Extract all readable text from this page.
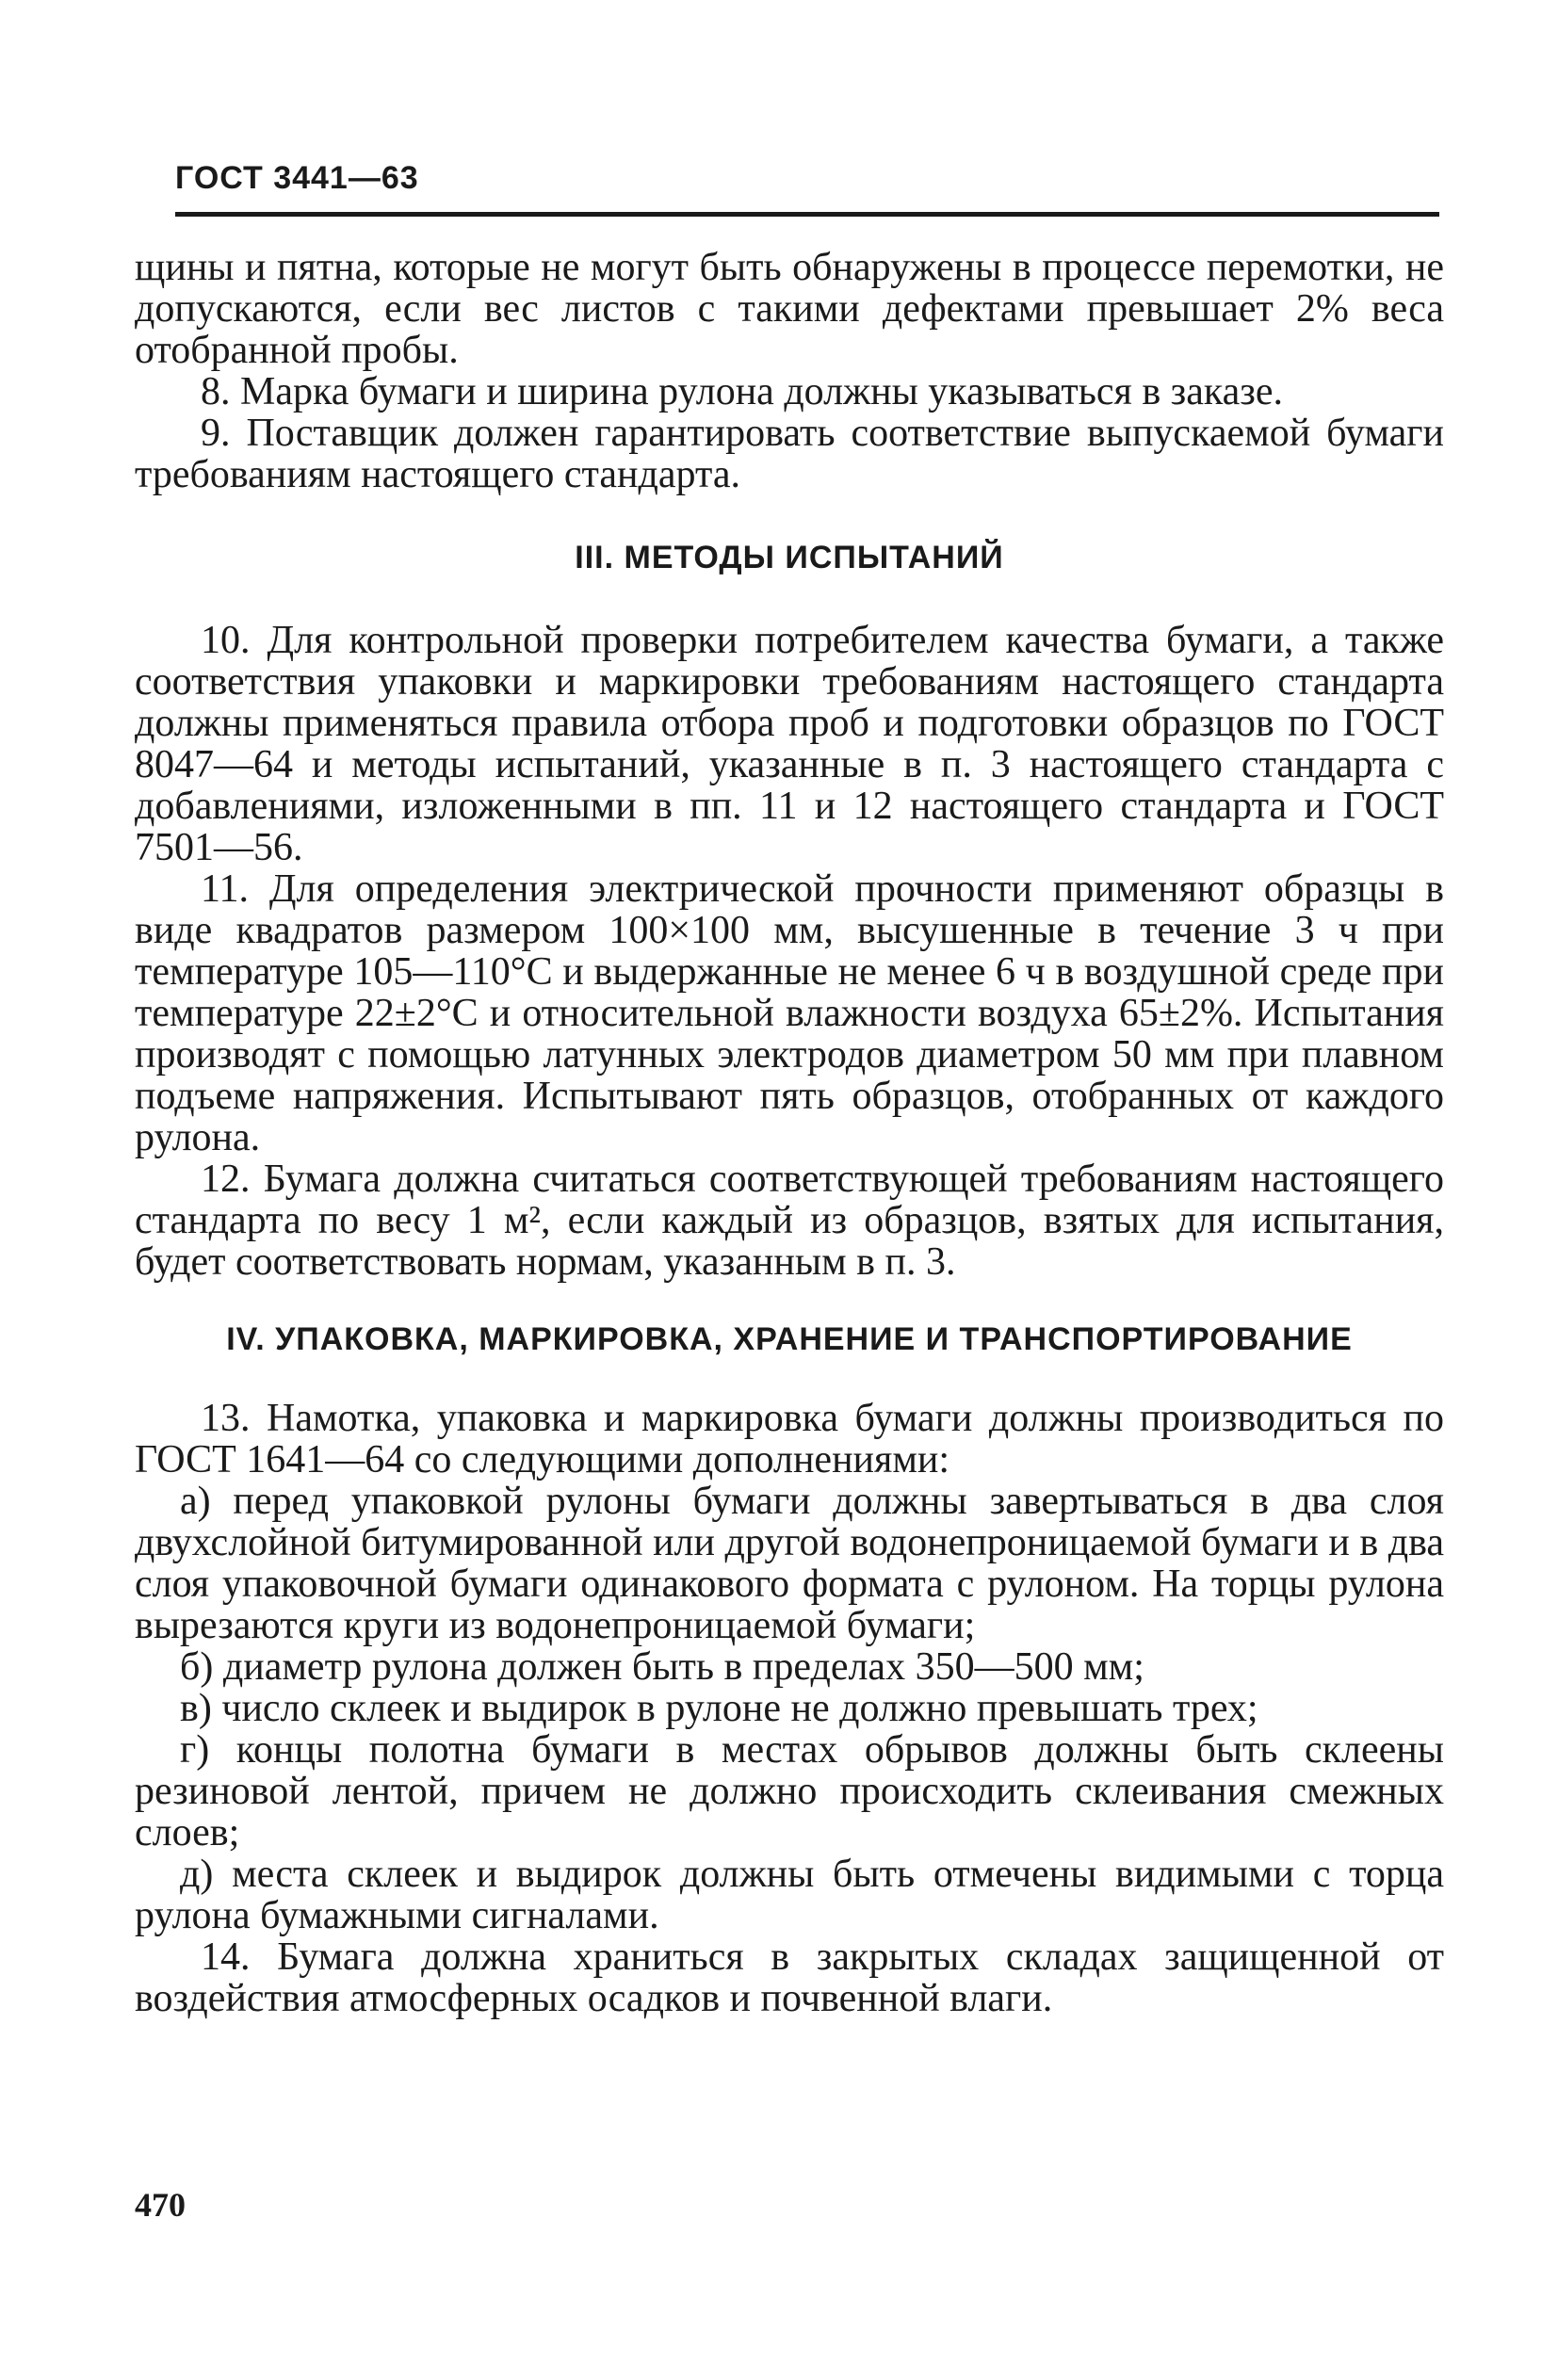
ГОСТ 3441—63

щины и пятна, которые не могут быть обнаружены в процессе перемотки, не допускаются, если вес листов с такими дефектами превышает 2% веса отобранной пробы.

8. Марка бумаги и ширина рулона должны указываться в заказе.

9. Поставщик должен гарантировать соответствие выпускаемой бумаги требованиям настоящего стандарта.

III. МЕТОДЫ ИСПЫТАНИЙ

10. Для контрольной проверки потребителем качества бумаги, а также соответствия упаковки и маркировки требованиям настоящего стандарта должны применяться правила отбора проб и подготовки образцов по ГОСТ 8047—64 и методы испытаний, указанные в п. 3 настоящего стандарта с добавлениями, изложенными в пп. 11 и 12 настоящего стандарта и ГОСТ 7501—56.

11. Для определения электрической прочности применяют образцы в виде квадратов размером 100×100 мм, высушенные в течение 3 ч при температуре 105—110°C и выдержанные не менее 6 ч в воздушной среде при температуре 22±2°C и относительной влажности воздуха 65±2%. Испытания производят с помощью латунных электродов диаметром 50 мм при плавном подъеме напряжения. Испытывают пять образцов, отобранных от каждого рулона.

12. Бумага должна считаться соответствующей требованиям настоящего стандарта по весу 1 м², если каждый из образцов, взятых для испытания, будет соответствовать нормам, указанным в п. 3.

IV. УПАКОВКА, МАРКИРОВКА, ХРАНЕНИЕ И ТРАНСПОРТИРОВАНИЕ

13. Намотка, упаковка и маркировка бумаги должны производиться по ГОСТ 1641—64 со следующими дополнениями:

а) перед упаковкой рулоны бумаги должны завертываться в два слоя двухслойной битумированной или другой водонепроницаемой бумаги и в два слоя упаковочной бумаги одинакового формата с рулоном. На торцы рулона вырезаются круги из водонепроницаемой бумаги;

б) диаметр рулона должен быть в пределах 350—500 мм;

в) число склеек и выдирок в рулоне не должно превышать трех;

г) концы полотна бумаги в местах обрывов должны быть склеены резиновой лентой, причем не должно происходить склеивания смежных слоев;

д) места склеек и выдирок должны быть отмечены видимыми с торца рулона бумажными сигналами.

14. Бумага должна храниться в закрытых складах защищенной от воздействия атмосферных осадков и почвенной влаги.

470
